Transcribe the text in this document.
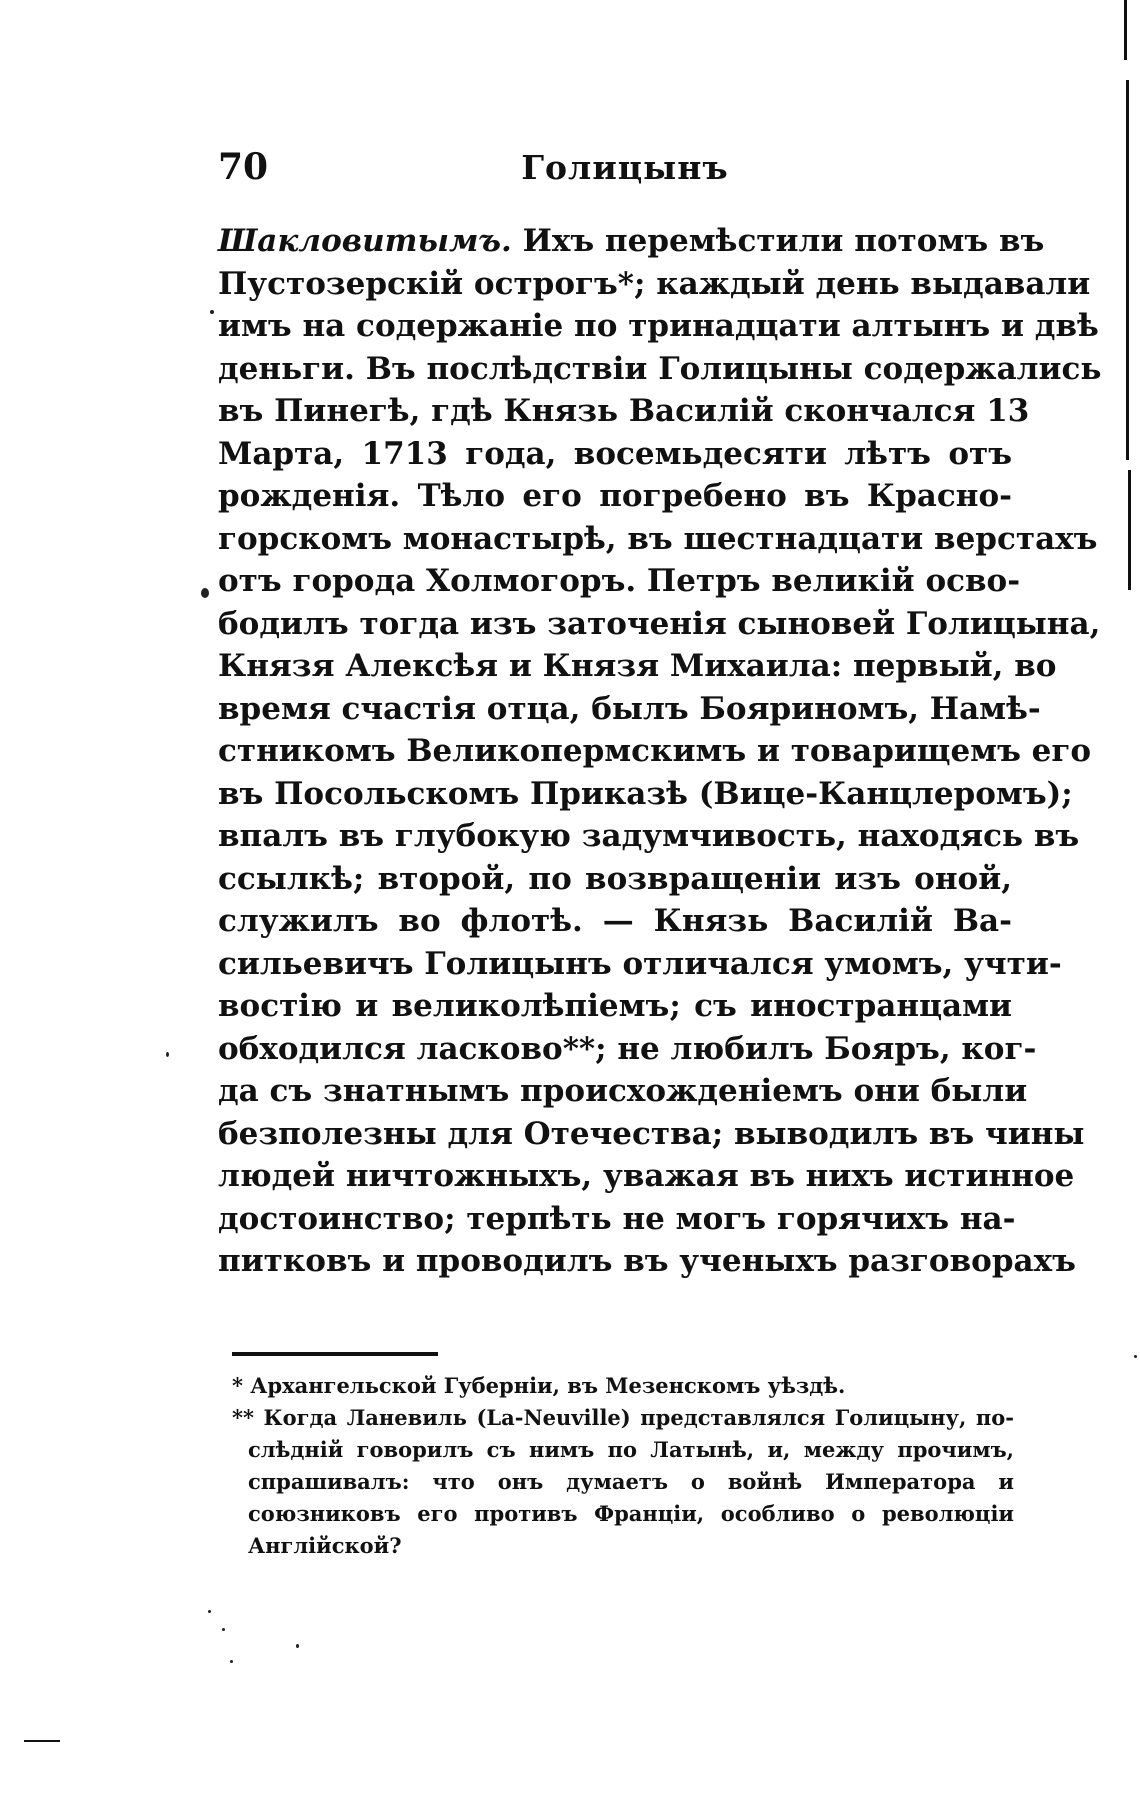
70	Голицынъ
Шакловитымъ. Ихъ перемѣстили потомъ въ
Пустозерскій острогъ*; каждый день выдавали
имъ на содержаніе по тринадцати алтынъ и двѣ
деньги. Въ послѣдствіи Голицыны содержались
въ Пинегѣ, гдѣ Князь Василій скончался 13
Марта, 1713 года, восемьдесяти лѣтъ отъ
рожденія. Тѣло его погребено въ Красно-
горскомъ монастырѣ, въ шестнадцати верстахъ
отъ города Холмогоръ. Петръ великій осво-
бодилъ тогда изъ заточенія сыновей Голицына,
Князя Алексѣя и Князя Михаила: первый, во
время счастія отца, былъ Бояриномъ, Намѣ-
стникомъ Великопермскимъ и товарищемъ его
въ Посольскомъ Приказѣ (Вице-Канцлеромъ);
впалъ въ глубокую задумчивость, находясь въ
ссылкѣ; второй, по возвращеніи изъ оной,
служилъ во флотѣ. — Князь Василій Ва-
сильевичъ Голицынъ отличался умомъ, учти-
востію и великолѣпіемъ; съ иностранцами
обходился ласково**; не любилъ Бояръ, ког-
да съ знатнымъ происхожденіемъ они были
безполезны для Отечества; выводилъ въ чины
людей ничтожныхъ, уважая въ нихъ истинное
достоинство; терпѣть не могъ горячихъ на-
питковъ и проводилъ въ ученыхъ разговорахъ
* Архангельской Губерніи, въ Мезенскомъ уѣздѣ.
** Когда Ланевиль (La-Neuville) представлялся Голицыну, по-
слѣдній говорилъ съ нимъ по Латынѣ, и, между прочимъ,
спрашивалъ: что онъ думаетъ о войнѣ Императора и
союзниковъ его противъ Франціи, особливо о революціи
Англійской?
